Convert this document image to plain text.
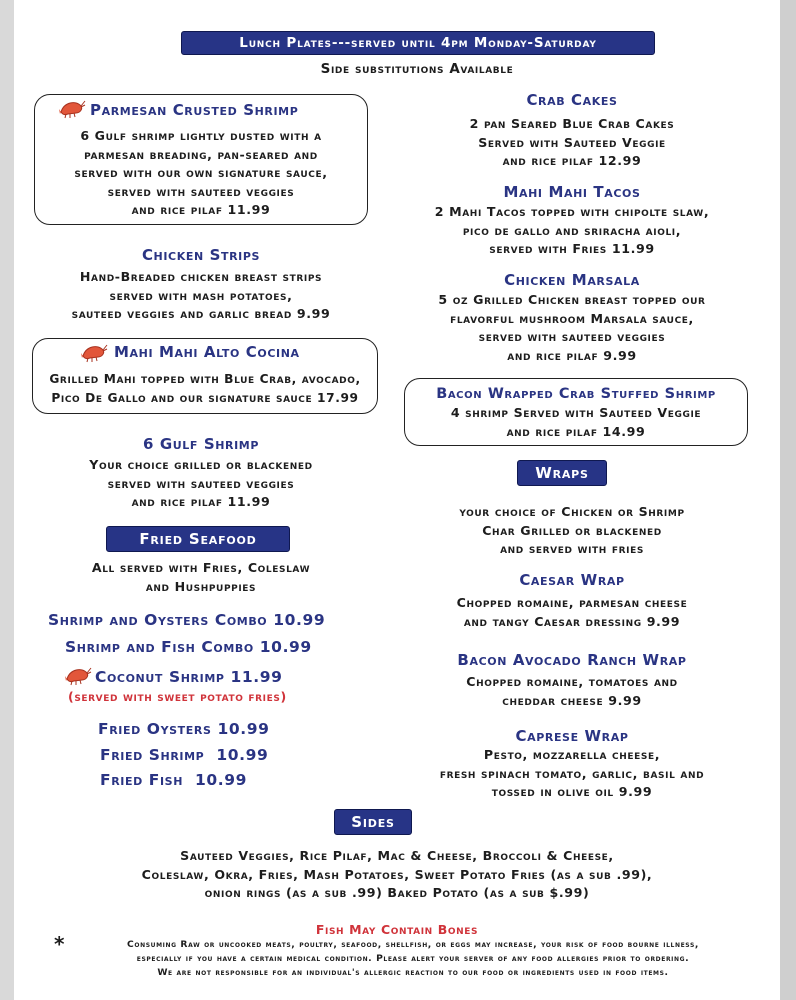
Lunch Plates---served until 4pm Monday-Saturday
Side substitutions Available
Parmesan Crusted Shrimp
6 Gulf shrimp lightly dusted with a
parmesan breading, pan-seared and
served with our own signature sauce,
served with sauteed veggies
and rice pilaf 11.99
Chicken Strips
Hand-Breaded chicken breast strips
served with mash potatoes,
sauteed veggies and garlic bread 9.99
Mahi Mahi Alto Cocina
Grilled Mahi topped with Blue Crab, avocado,
Pico De Gallo and our signature sauce 17.99
6 Gulf Shrimp
Your choice grilled or blackened
served with sauteed veggies
and rice pilaf 11.99
Fried Seafood
All served with Fries, Coleslaw
and Hushpuppies
Shrimp and Oysters Combo 10.99
Shrimp and Fish Combo 10.99
Coconut Shrimp 11.99
(served with sweet potato fries)
Fried Oysters 10.99
Fried Shrimp  10.99
Fried Fish  10.99
Crab Cakes
2 pan Seared Blue Crab Cakes
Served with Sauteed Veggie
and rice pilaf 12.99
Mahi Mahi Tacos
2 Mahi Tacos topped with chipolte slaw,
pico de gallo and sriracha aioli,
served with Fries 11.99
Chicken Marsala
5 oz Grilled Chicken breast topped our
flavorful mushroom Marsala sauce,
served with sauteed veggies
and rice pilaf 9.99
Bacon Wrapped Crab Stuffed Shrimp
4 shrimp Served with Sauteed Veggie
and rice pilaf 14.99
Wraps
your choice of Chicken or Shrimp
Char Grilled or blackened
and served with fries
Caesar Wrap
Chopped romaine, parmesan cheese
and tangy Caesar dressing 9.99
Bacon Avocado Ranch Wrap
Chopped romaine, tomatoes and
cheddar cheese 9.99
Caprese Wrap
Pesto, mozzarella cheese,
fresh spinach tomato, garlic, basil and
tossed in olive oil 9.99
Sides
Sauteed Veggies, Rice Pilaf, Mac & Cheese, Broccoli & Cheese,
Coleslaw, Okra, Fries, Mash Potatoes, Sweet Potato Fries (as a sub .99),
onion rings (as a sub .99) Baked Potato (as a sub $.99)
Fish May Contain Bones
*	Consuming Raw or uncooked meats, poultry, seafood, shellfish, or eggs may increase, your risk of food bourne illness,
especially if you have a certain medical condition. Please alert your server of any food allergies prior to ordering.
We are not responsible for an individual's allergic reaction to our food or ingredients used in food items.
